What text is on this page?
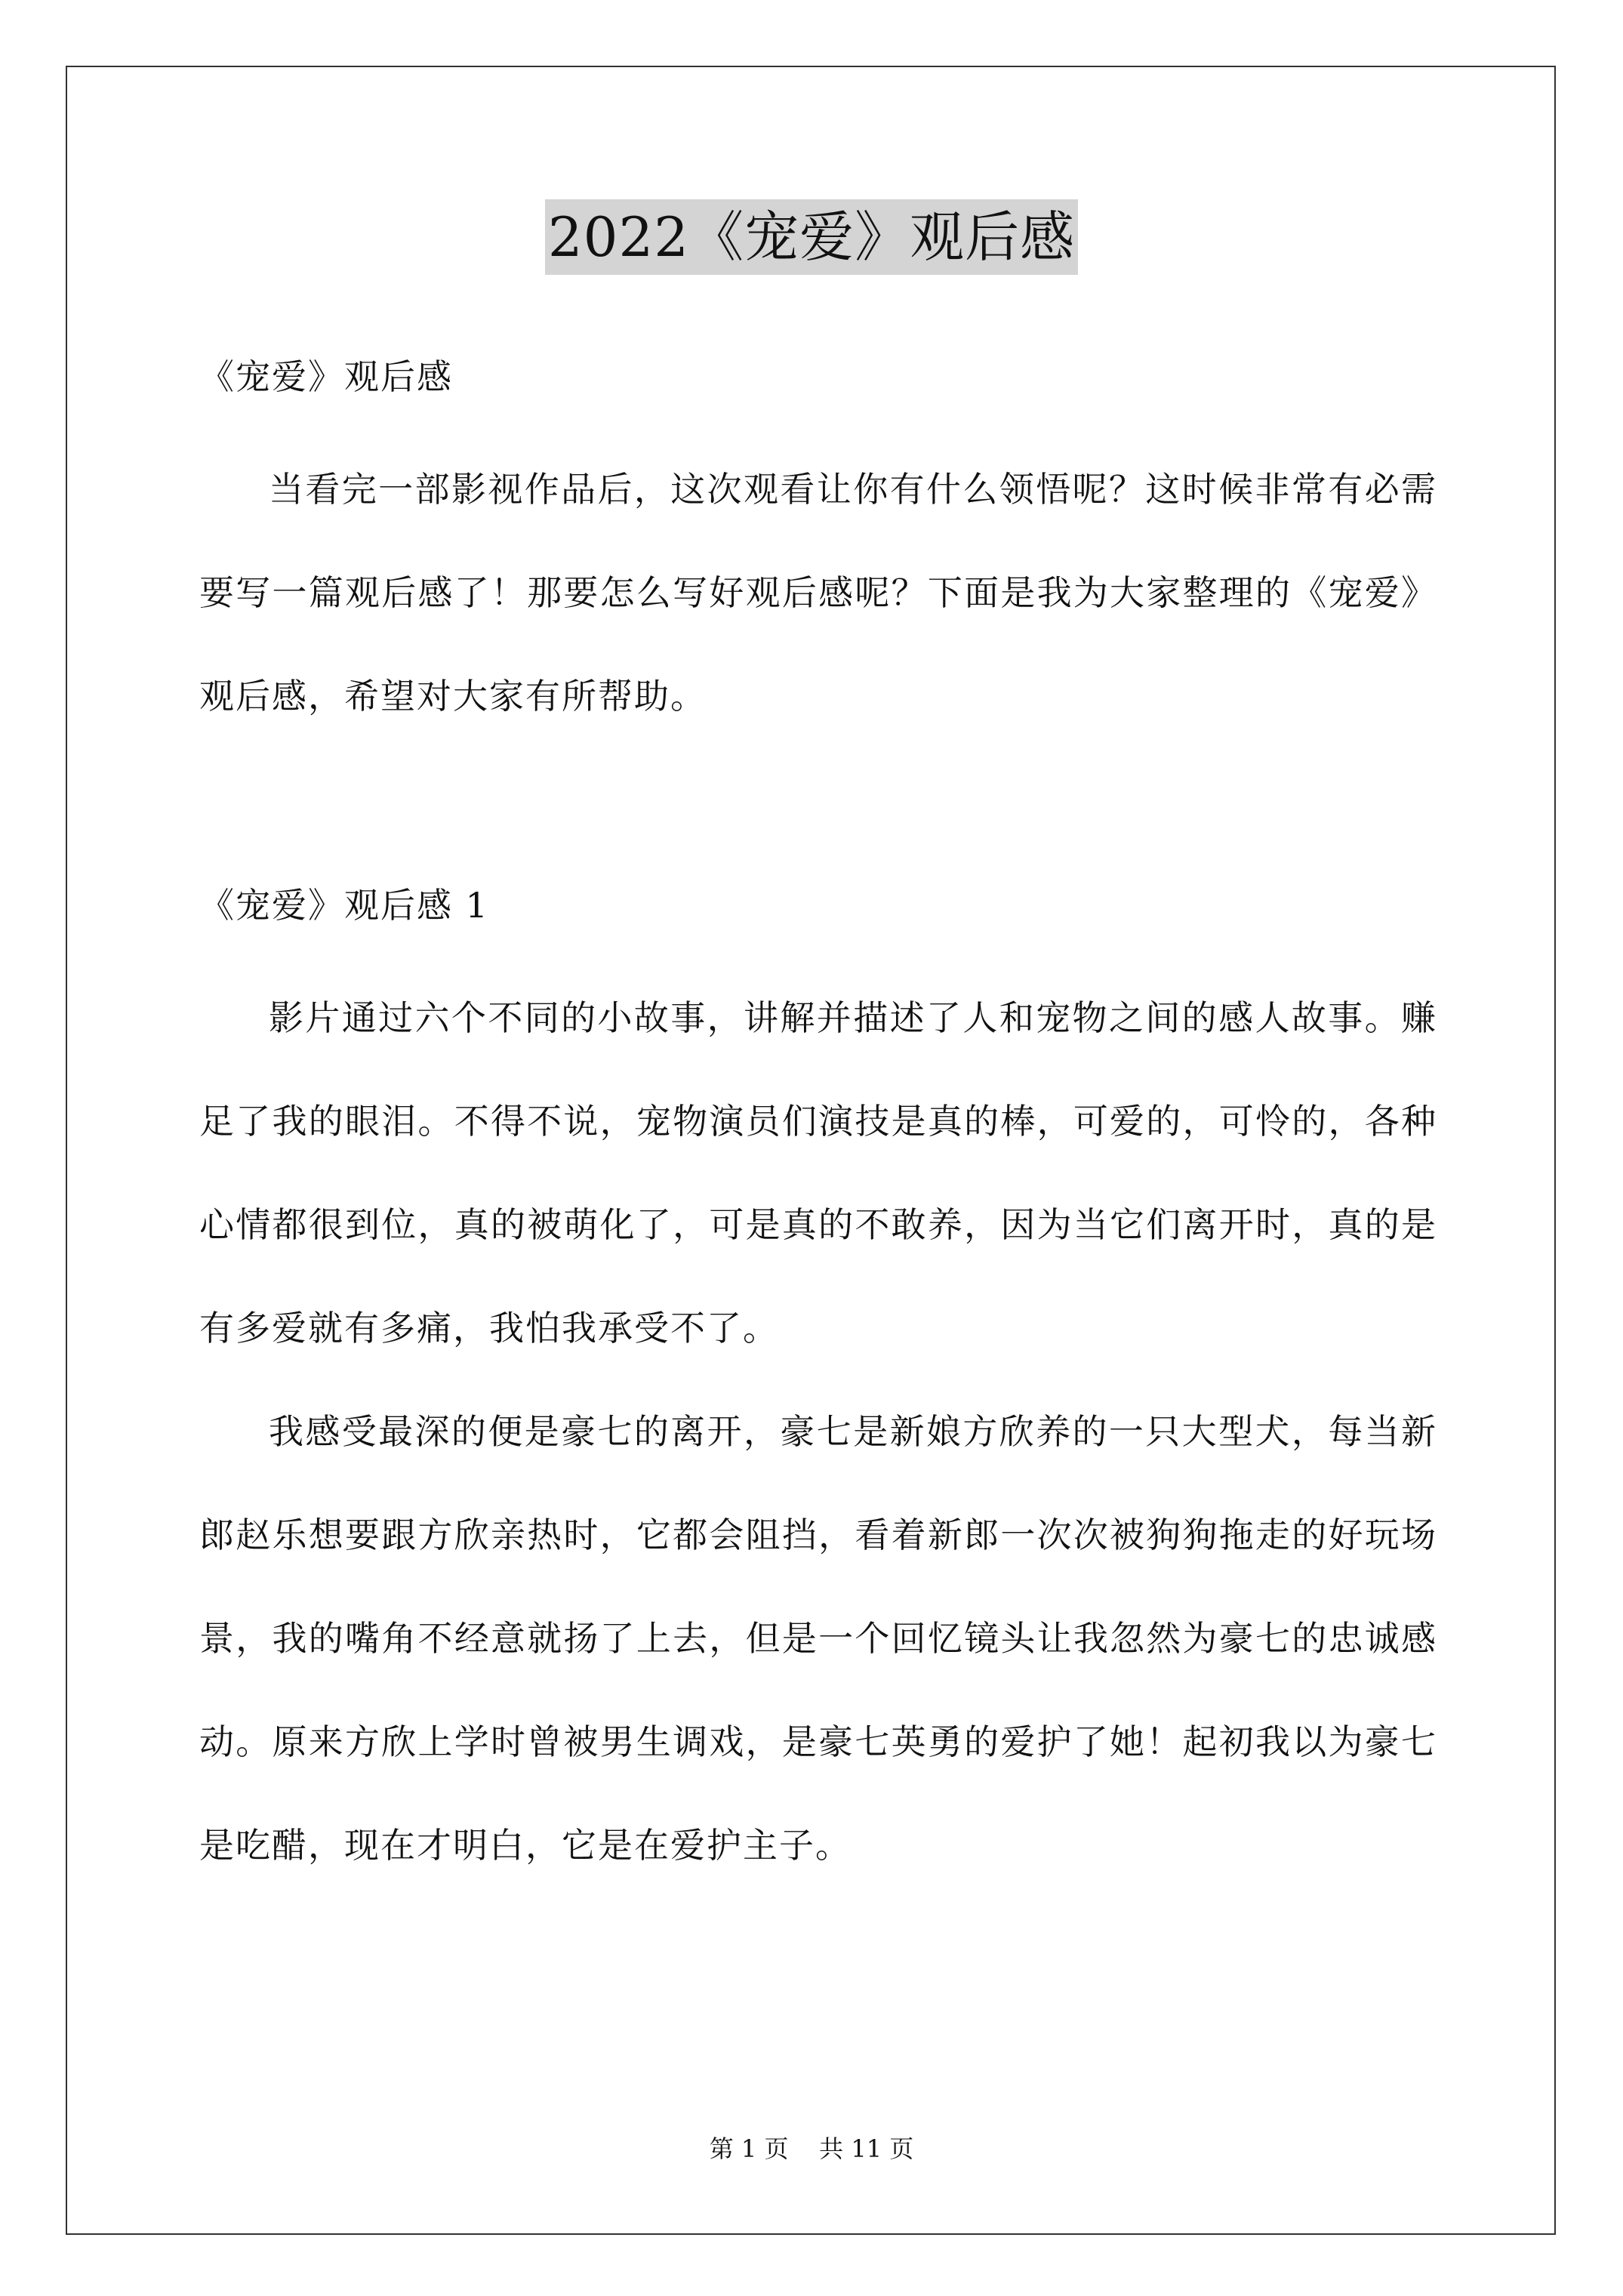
2022《宠爱》观后感

《宠爱》观后感

当看完一部影视作品后，这次观看让你有什么领悟呢？这时候非常有必需要写一篇观后感了！那要怎么写好观后感呢？下面是我为大家整理的《宠爱》观后感，希望对大家有所帮助。

《宠爱》观后感 1

影片通过六个不同的小故事，讲解并描述了人和宠物之间的感人故事。赚足了我的眼泪。不得不说，宠物演员们演技是真的棒，可爱的，可怜的，各种心情都很到位，真的被萌化了，可是真的不敢养，因为当它们离开时，真的是有多爱就有多痛，我怕我承受不了。

我感受最深的便是豪七的离开，豪七是新娘方欣养的一只大型犬，每当新郎赵乐想要跟方欣亲热时，它都会阻挡，看着新郎一次次被狗狗拖走的好玩场景，我的嘴角不经意就扬了上去，但是一个回忆镜头让我忽然为豪七的忠诚感动。原来方欣上学时曾被男生调戏，是豪七英勇的爱护了她！起初我以为豪七是吃醋，现在才明白，它是在爱护主子。

第 1 页 共 11 页
